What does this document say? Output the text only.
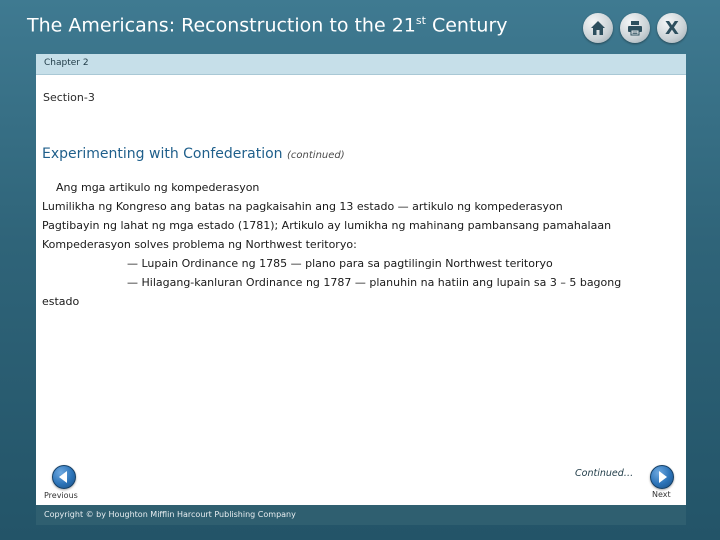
The Americans: Reconstruction to the 21st Century	X
Chapter 2
Section-3
Experimenting with Confederation (continued)

Ang mga artikulo ng kompederasyon

Lumilikha ng Kongreso ang batas na pagkaisahin ang 13 estado — artikulo ng kompederasyon

Pagtibayin ng lahat ng mga estado (1781); Artikulo ay lumikha ng mahinang pambansang pamahalaan

Kompederasyon solves problema ng Northwest teritoryo:

— Lupain Ordinance ng 1785 — plano para sa pagtilingin Northwest teritoryo

— Hilagang-kanluran Ordinance ng 1787 — planuhin na hatiin ang lupain sa 3 – 5 bagong estado

Continued…
Previous	Next
Copyright © by Houghton Mifflin Harcourt Publishing Company
